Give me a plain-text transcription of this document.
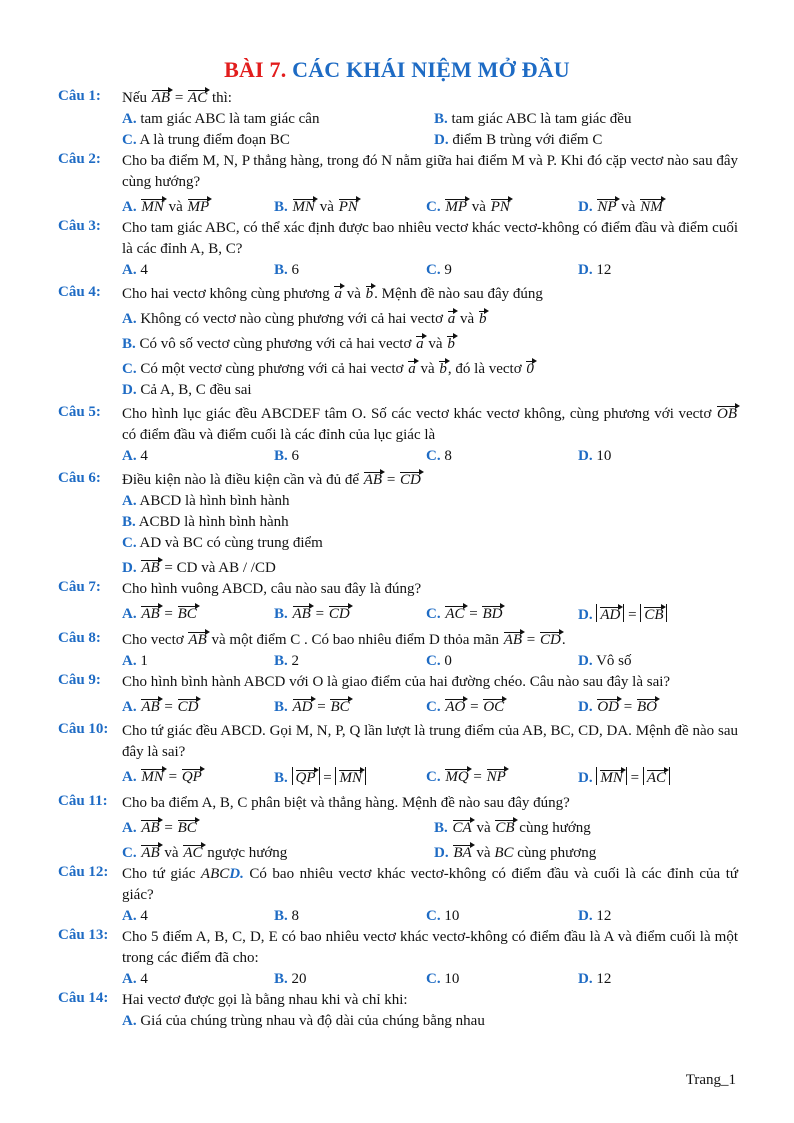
BÀI 7. CÁC KHÁI NIỆM MỞ ĐẦU
Câu 1: Nếu AB = AC thì:
A. tam giác ABC là tam giác cân	B. tam giác ABC là tam giác đều
C. A là trung điểm đoạn BC	D. điểm B trùng với điểm C
Câu 2: Cho ba điểm M, N, P thẳng hàng, trong đó N nằm giữa hai điểm M và P. Khi đó cặp vectơ nào sau đây cùng hướng?
A. MN và MP	B. MN và PN	C. MP và PN	D. NP và NM
Câu 3: Cho tam giác ABC, có thể xác định được bao nhiêu vectơ khác vectơ-không có điểm đầu và điểm cuối là các đỉnh A, B, C?
A. 4	B. 6	C. 9	D. 12
Câu 4: Cho hai vectơ không cùng phương a và b. Mệnh đề nào sau đây đúng
A. Không có vectơ nào cùng phương với cả hai vectơ a và b
B. Có vô số vectơ cùng phương với cả hai vectơ a và b
C. Có một vectơ cùng phương với cả hai vectơ a và b, đó là vectơ 0
D. Cả A, B, C đều sai
Câu 5: Cho hình lục giác đều ABCDEF tâm O. Số các vectơ khác vectơ không, cùng phương với vectơ OB có điểm đầu và điểm cuối là các đỉnh của lục giác là
A. 4	B. 6	C. 8	D. 10
Câu 6: Điều kiện nào là điều kiện cần và đủ để AB = CD
A. ABCD là hình bình hành
B. ACBD là hình bình hành
C. AD và BC có cùng trung điểm
D. AB = CD và AB / /CD
Câu 7: Cho hình vuông ABCD, câu nào sau đây là đúng?
A. AB = BC	B. AB = CD	C. AC = BD	D. AD = CB
Câu 8: Cho vectơ AB và một điểm C . Có bao nhiêu điểm D thỏa mãn AB = CD.
A. 1	B. 2	C. 0	D. Vô số
Câu 9: Cho hình bình hành ABCD với O là giao điểm của hai đường chéo. Câu nào sau đây là sai?
A. AB = CD	B. AD = BC	C. AO = OC	D. OD = BO
Câu 10: Cho tứ giác đều ABCD. Gọi M, N, P, Q lần lượt là trung điểm của AB, BC, CD, DA. Mệnh đề nào sau đây là sai?
A. MN = QP	B. QP = MN	C. MQ = NP	D. MN = AC
Câu 11: Cho ba điểm A, B, C phân biệt và thẳng hàng. Mệnh đề nào sau đây đúng?
A. AB = BC	B. CA và CB cùng hướng
C. AB và AC ngược hướng	D. BA và BC cùng phương
Câu 12: Cho tứ giác ABCD. Có bao nhiêu vectơ khác vectơ-không có điểm đầu và cuối là các đỉnh của tứ giác?
A. 4	B. 8	C. 10	D. 12
Câu 13: Cho 5 điểm A, B, C, D, E có bao nhiêu vectơ khác vectơ-không có điểm đầu là A và điểm cuối là một trong các điểm đã cho:
A. 4	B. 20	C. 10	D. 12
Câu 14: Hai vectơ được gọi là bằng nhau khi và chỉ khi:
A. Giá của chúng trùng nhau và độ dài của chúng bằng nhau
Trang_1
